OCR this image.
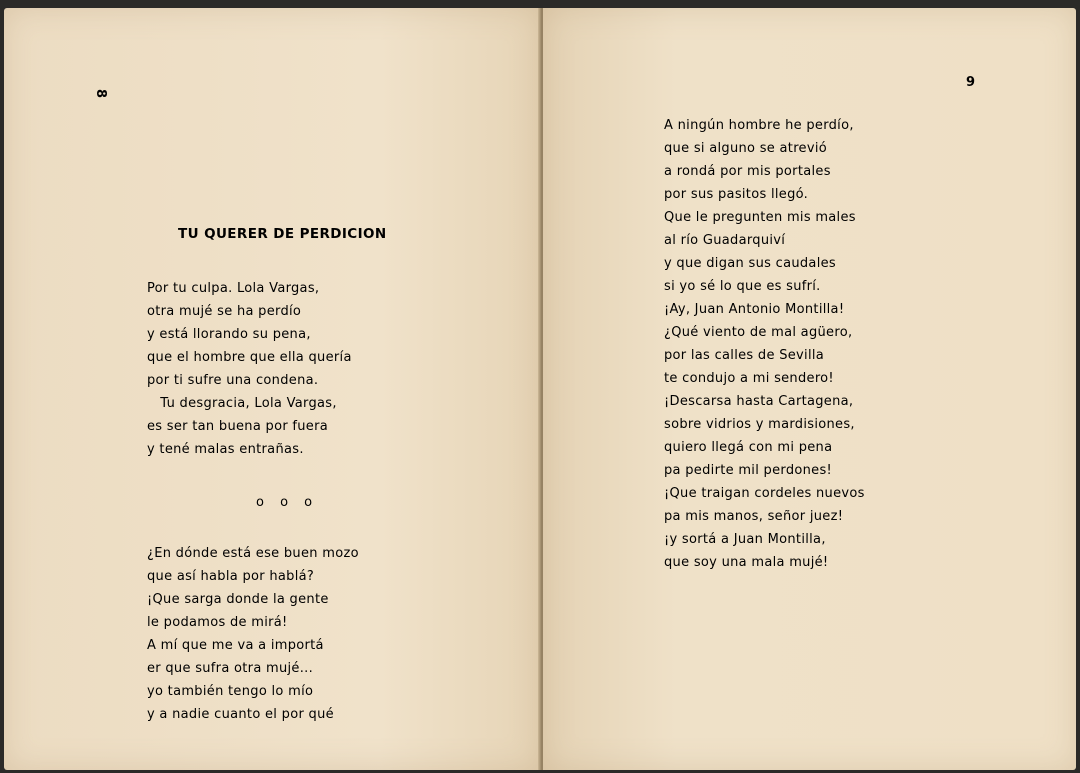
8
TU QUERER DE PERDICION
Por tu culpa. Lola Vargas,
otra mujé se ha perdío
y está llorando su pena,
que el hombre que ella quería
por ti sufre una condena.
Tu desgracia, Lola Vargas,
es ser tan buena por fuera
y tené malas entrañas.
o o o
¿En dónde está ese buen mozo
que así habla por hablá?
¡Que sarga donde la gente
le podamos de mirá!
A mí que me va a importá
er que sufra otra mujé...
yo también tengo lo mío
y a nadie cuanto el por qué
9
A ningún hombre he perdío,
que si alguno se atrevió
a rondá por mis portales
por sus pasitos llegó.
Que le pregunten mis males
al río Guadarquiví
y que digan sus caudales
si yo sé lo que es sufrí.
¡Ay, Juan Antonio Montilla!
¿Qué viento de mal agüero,
por las calles de Sevilla
te condujo a mi sendero!
¡Descarsa hasta Cartagena,
sobre vidrios y mardisiones,
quiero llegá con mi pena
pa pedirte mil perdones!
¡Que traigan cordeles nuevos
pa mis manos, señor juez!
¡y sortá a Juan Montilla,
que soy una mala mujé!
